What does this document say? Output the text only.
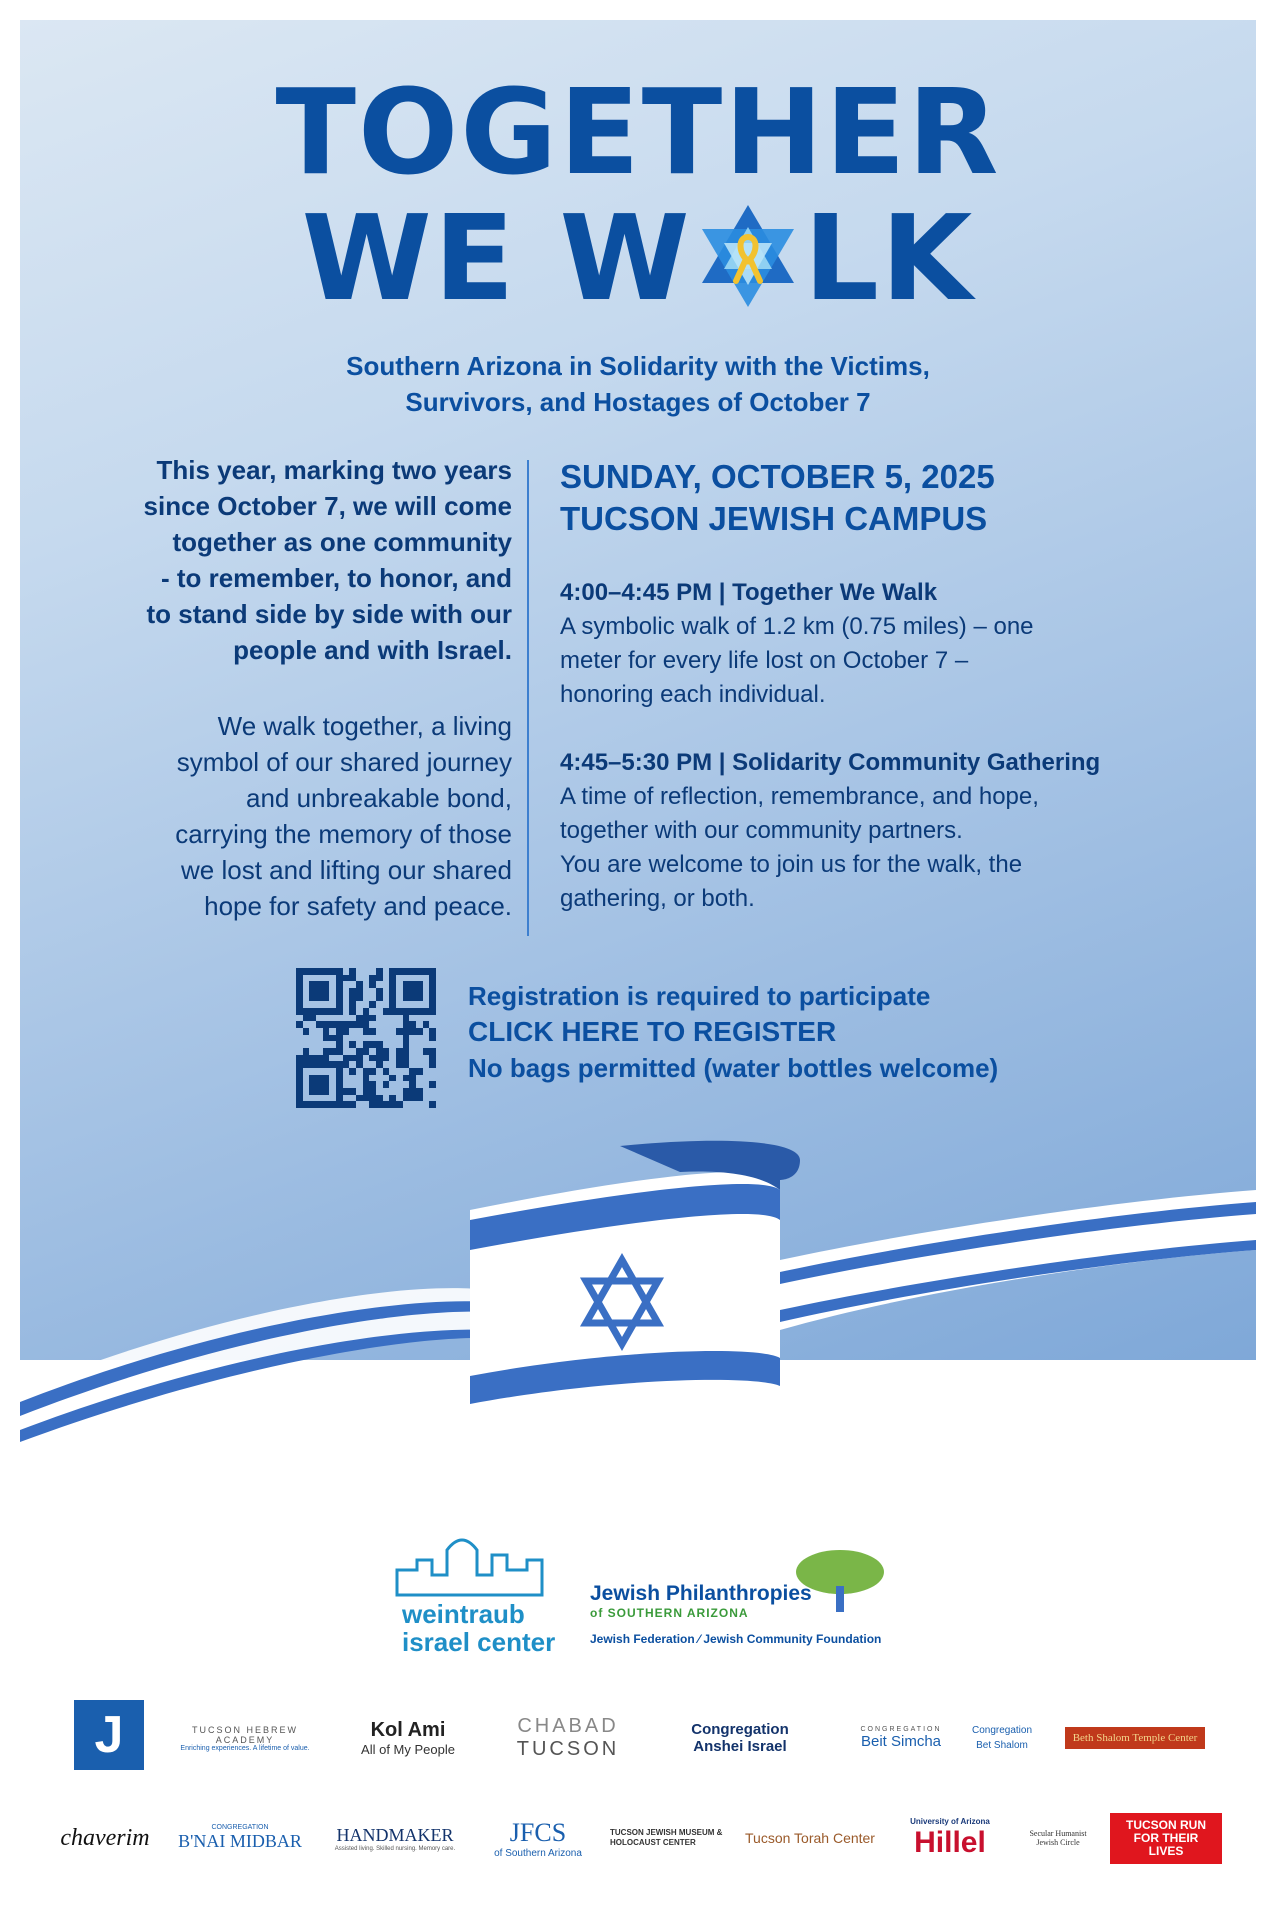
TOGETHER
WE W LK
Southern Arizona in Solidarity with the Victims,
Survivors, and Hostages of October 7
This year, marking two years
since October 7, we will come
together as one community
- to remember, to honor, and
to stand side by side with our
people and with Israel.
We walk together, a living
symbol of our shared journey
and unbreakable bond,
carrying the memory of those
we lost and lifting our shared
hope for safety and peace.
SUNDAY, OCTOBER 5, 2025
TUCSON JEWISH CAMPUS
4:00–4:45 PM | Together We Walk
A symbolic walk of 1.2 km (0.75 miles) – one
meter for every life lost on October 7 –
honoring each individual.
4:45–5:30 PM | Solidarity Community Gathering
A time of reflection, remembrance, and hope,
together with our community partners.
You are welcome to join us for the walk, the
gathering, or both.
Registration is required to participate
CLICK HERE TO REGISTER
No bags permitted (water bottles welcome)
weintraub
israel center
Jewish Philanthropies
of SOUTHERN ARIZONA
Jewish Federation ⁄ Jewish Community Foundation
J	TUCSON HEBREW ACADEMY
Enriching experiences. A lifetime of value.
Kol Ami
All of My People
CHABAD
TUCSON
Congregation
Anshei Israel
CONGREGATION
Beit Simcha
Congregation
Bet Shalom
Beth Shalom Temple Center
chaverim	CONGREGATION
B'NAI MIDBAR HANDMAKER
Assisted living. Skilled nursing. Memory care.
JFCS
of Southern Arizona
TUCSON JEWISH MUSEUM & HOLOCAUST CENTER	Tucson Torah Center
University of Arizona
Hillel	Secular Humanist Jewish Circle
TUCSON RUN FOR THEIR LIVES
